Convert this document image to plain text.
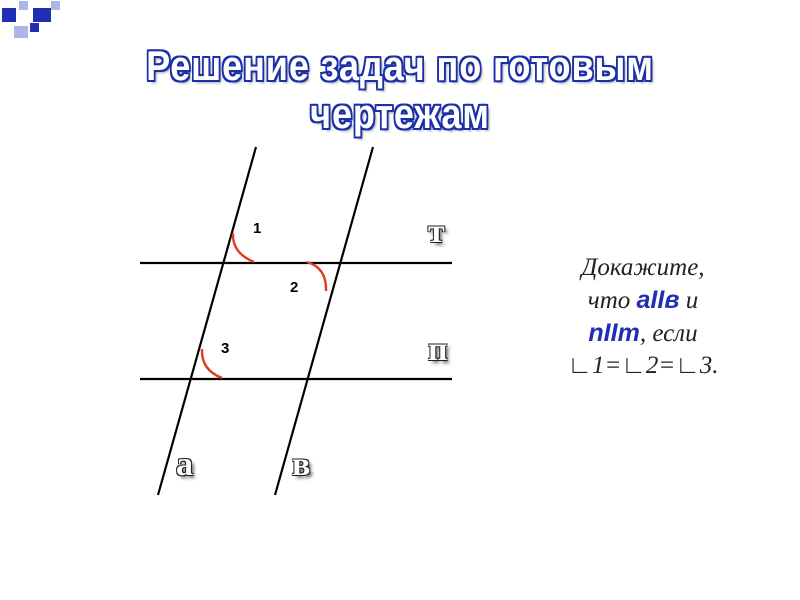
Решение задач по готовым чертежам
1
2
3
т
п
а	в
Докажите,
что аIIв и
nIIm, если
∟1=∟2=∟3.
